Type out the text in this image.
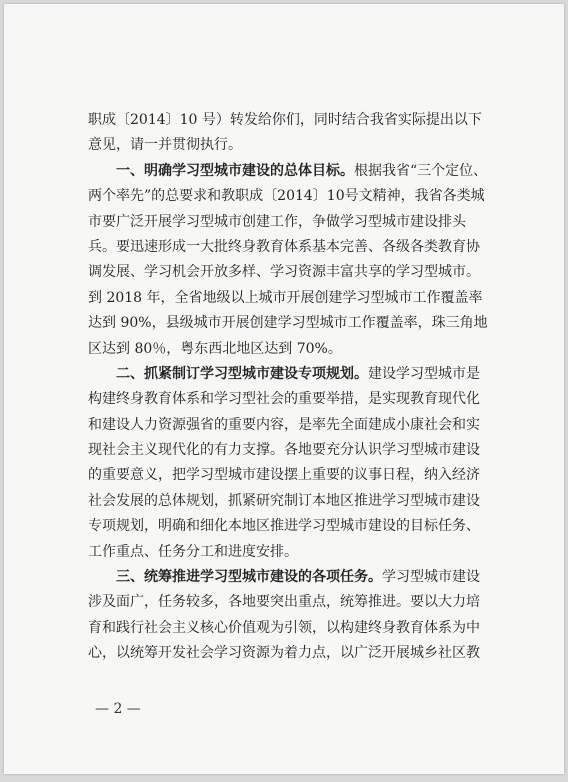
职成〔2014〕10 号）转发给你们，同时结合我省实际提出以下
意见，请一并贯彻执行。
一、明确学习型城市建设的总体目标。根据我省“三个定位、
两个率先”的总要求和教职成〔2014〕10号文精神，我省各类城
市要广泛开展学习型城市创建工作，争做学习型城市建设排头
兵。要迅速形成一大批终身教育体系基本完善、各级各类教育协
调发展、学习机会开放多样、学习资源丰富共享的学习型城市。
到 2018 年，全省地级以上城市开展创建学习型城市工作覆盖率
达到 90%，县级城市开展创建学习型城市工作覆盖率，珠三角地
区达到 80％，粤东西北地区达到 70%。
二、抓紧制订学习型城市建设专项规划。建设学习型城市是
构建终身教育体系和学习型社会的重要举措，是实现教育现代化
和建设人力资源强省的重要内容，是率先全面建成小康社会和实
现社会主义现代化的有力支撑。各地要充分认识学习型城市建设
的重要意义，把学习型城市建设摆上重要的议事日程，纳入经济
社会发展的总体规划，抓紧研究制订本地区推进学习型城市建设
专项规划，明确和细化本地区推进学习型城市建设的目标任务、
工作重点、任务分工和进度安排。
三、统筹推进学习型城市建设的各项任务。学习型城市建设
涉及面广，任务较多，各地要突出重点，统筹推进。要以大力培
育和践行社会主义核心价值观为引领，以构建终身教育体系为中
心，以统筹开发社会学习资源为着力点，以广泛开展城乡社区教
— 2 —
